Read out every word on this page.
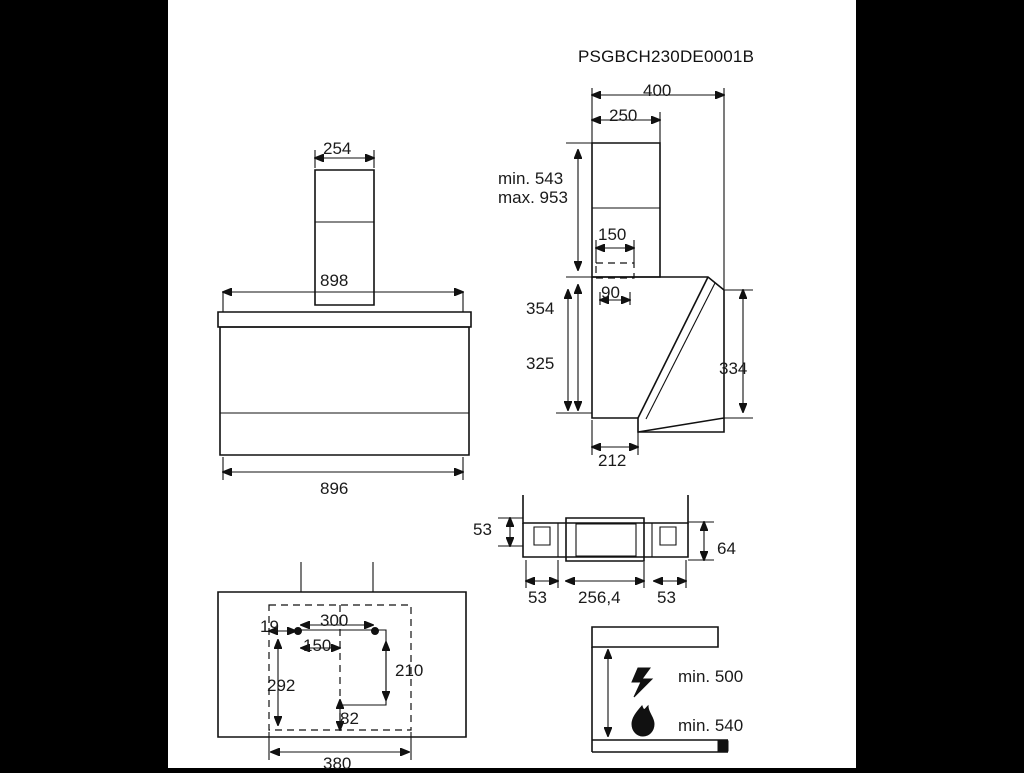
PSGBCH230DE0001B
254
898
896
400
250
min. 543
max. 953
150
90
354
325	334
212
53
64
53 256,4 53
19 300
150
210
292
82
380
min. 500
min. 540
